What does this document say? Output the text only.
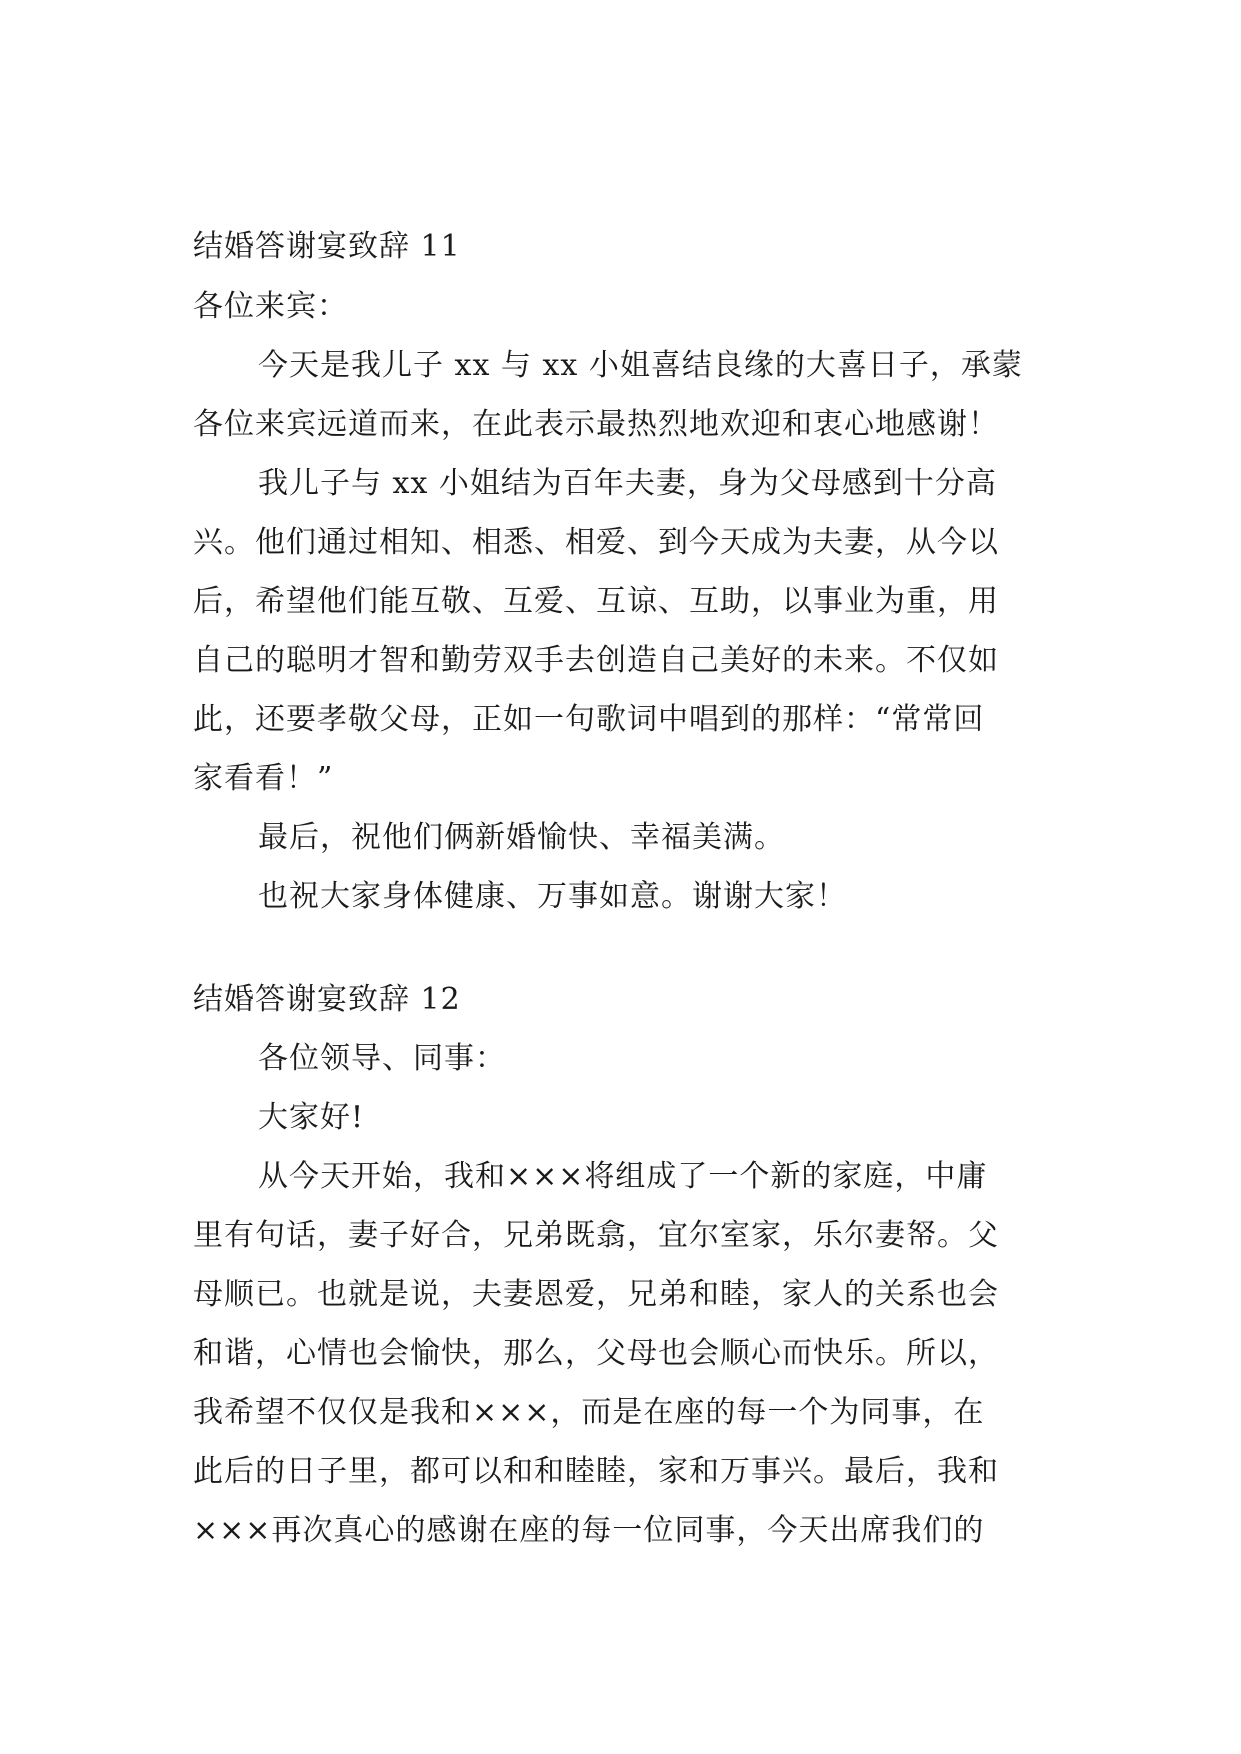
结婚答谢宴致辞 11
各位来宾：
今天是我儿子 xx 与 xx 小姐喜结良缘的大喜日子，承蒙
各位来宾远道而来，在此表示最热烈地欢迎和衷心地感谢！
我儿子与 xx 小姐结为百年夫妻，身为父母感到十分高
兴。他们通过相知、相悉、相爱、到今天成为夫妻，从今以
后，希望他们能互敬、互爱、互谅、互助，以事业为重，用
自己的聪明才智和勤劳双手去创造自己美好的未来。不仅如
此，还要孝敬父母，正如一句歌词中唱到的那样：“常常回
家看看！”
最后，祝他们俩新婚愉快、幸福美满。
也祝大家身体健康、万事如意。谢谢大家！
结婚答谢宴致辞 12
各位领导、同事：
大家好!
从今天开始，我和×××将组成了一个新的家庭，中庸
里有句话，妻子好合，兄弟既翕，宜尔室家，乐尔妻帑。父
母顺已。也就是说，夫妻恩爱，兄弟和睦，家人的关系也会
和谐，心情也会愉快，那么，父母也会顺心而快乐。所以，
我希望不仅仅是我和×××，而是在座的每一个为同事，在
此后的日子里，都可以和和睦睦，家和万事兴。最后，我和
×××再次真心的感谢在座的每一位同事，今天出席我们的
